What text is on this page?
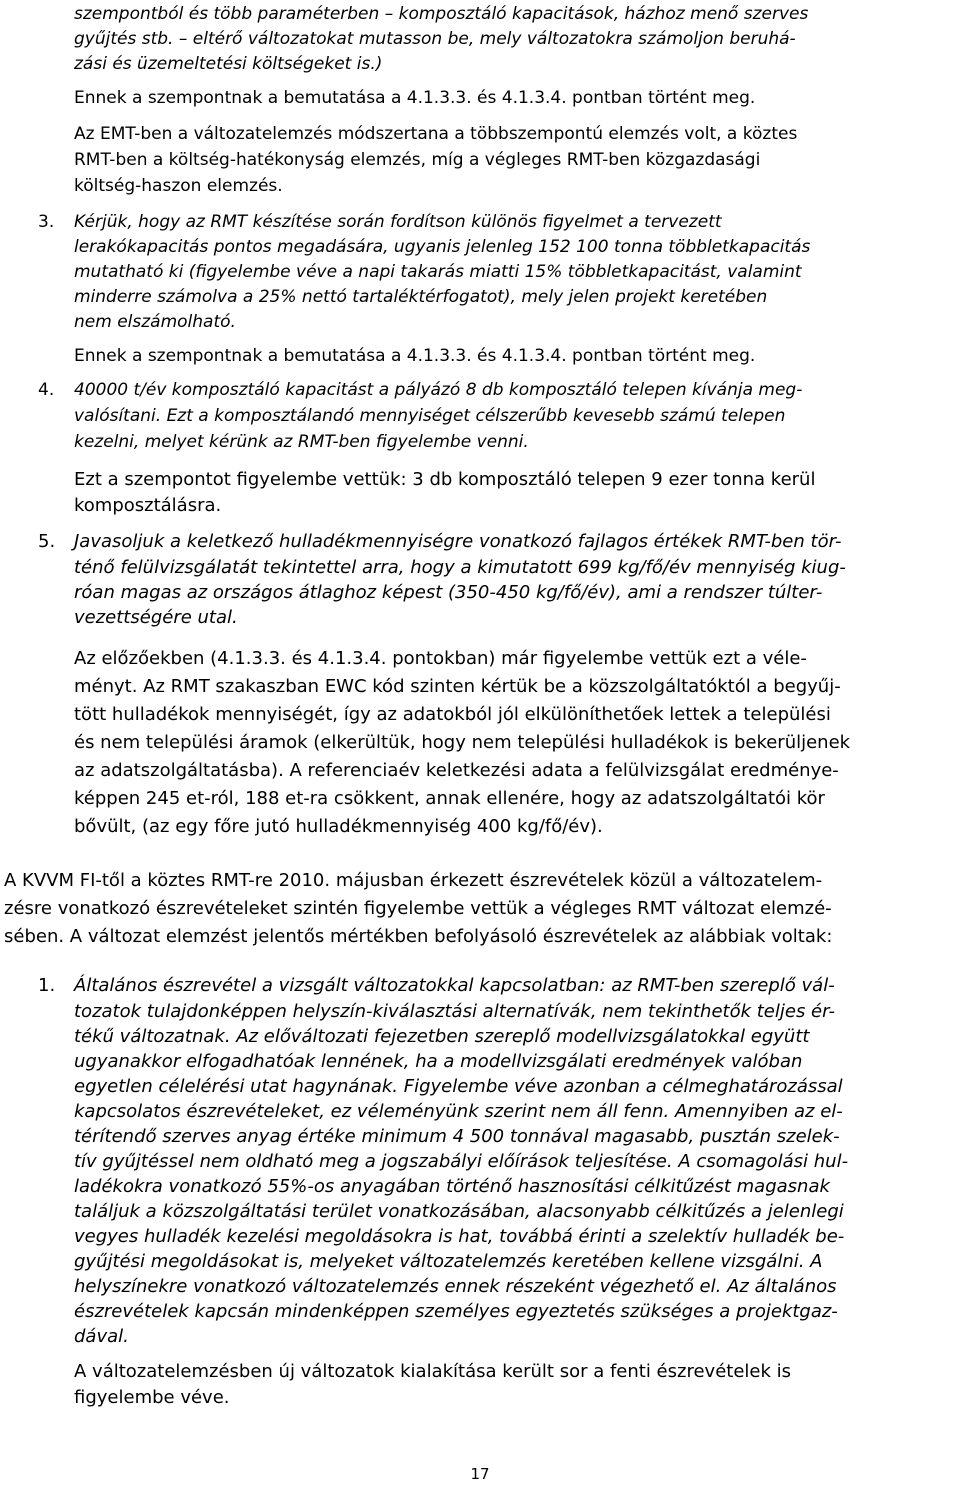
szempontból és több paraméterben – komposztáló kapacitások, házhoz menő szerves
gyűjtés stb. – eltérő változatokat mutasson be, mely változatokra számoljon beruhá-
zási és üzemeltetési költségeket is.)
Ennek a szempontnak a bemutatása a 4.1.3.3. és 4.1.3.4. pontban történt meg.
Az EMT-ben a változatelemzés módszertana a többszempontú elemzés volt, a köztes
RMT-ben a költség-hatékonyság elemzés, míg a végleges RMT-ben közgazdasági
költség-haszon elemzés.
3. Kérjük, hogy az RMT készítése során fordítson különös figyelmet a tervezett
lerakókapacitás pontos megadására, ugyanis jelenleg 152 100 tonna többletkapacitás
mutatható ki (figyelembe véve a napi takarás miatti 15% többletkapacitást, valamint
minderre számolva a 25% nettó tartaléktérfogatot), mely jelen projekt keretében
nem elszámolható.
Ennek a szempontnak a bemutatása a 4.1.3.3. és 4.1.3.4. pontban történt meg.
4. 40000 t/év komposztáló kapacitást a pályázó 8 db komposztáló telepen kívánja meg-
valósítani. Ezt a komposztálandó mennyiséget célszerűbb kevesebb számú telepen
kezelni, melyet kérünk az RMT-ben figyelembe venni.
Ezt a szempontot figyelembe vettük: 3 db komposztáló telepen 9 ezer tonna kerül
komposztálásra.
5. Javasoljuk a keletkező hulladékmennyiségre vonatkozó fajlagos értékek RMT-ben tör-
ténő felülvizsgálatát tekintettel arra, hogy a kimutatott 699 kg/fő/év mennyiség kiug-
róan magas az országos átlaghoz képest (350-450 kg/fő/év), ami a rendszer túlter-
vezettségére utal.
Az előzőekben (4.1.3.3. és 4.1.3.4. pontokban) már figyelembe vettük ezt a véle-
ményt. Az RMT szakaszban EWC kód szinten kértük be a közszolgáltatóktól a begyűj-
tött hulladékok mennyiségét, így az adatokból jól elkülöníthetőek lettek a települési
és nem települési áramok (elkerültük, hogy nem települési hulladékok is bekerüljenek
az adatszolgáltatásba). A referenciaév keletkezési adata a felülvizsgálat eredménye-
képpen 245 et-ról, 188 et-ra csökkent, annak ellenére, hogy az adatszolgáltatói kör
bővült, (az egy főre jutó hulladékmennyiség 400 kg/fő/év).
A KVVM FI-től a köztes RMT-re 2010. májusban érkezett észrevételek közül a változatelem-
zésre vonatkozó észrevételeket szintén figyelembe vettük a végleges RMT változat elemzé-
sében. A változat elemzést jelentős mértékben befolyásoló észrevételek az alábbiak voltak:
1. Általános észrevétel a vizsgált változatokkal kapcsolatban: az RMT-ben szereplő vál-
tozatok tulajdonképpen helyszín-kiválasztási alternatívák, nem tekinthetők teljes ér-
tékű változatnak. Az előváltozati fejezetben szereplő modellvizsgálatokkal együtt
ugyanakkor elfogadhatóak lennének, ha a modellvizsgálati eredmények valóban
egyetlen célelérési utat hagynának. Figyelembe véve azonban a célmeghatározással
kapcsolatos észrevételeket, ez véleményünk szerint nem áll fenn. Amennyiben az el-
térítendő szerves anyag értéke minimum 4 500 tonnával magasabb, pusztán szelek-
tív gyűjtéssel nem oldható meg a jogszabályi előírások teljesítése. A csomagolási hul-
ladékokra vonatkozó 55%-os anyagában történő hasznosítási célkitűzést magasnak
találjuk a közszolgáltatási terület vonatkozásában, alacsonyabb célkitűzés a jelenlegi
vegyes hulladék kezelési megoldásokra is hat, továbbá érinti a szelektív hulladék be-
gyűjtési megoldásokat is, melyeket változatelemzés keretében kellene vizsgálni. A
helyszínekre vonatkozó változatelemzés ennek részeként végezhető el. Az általános
észrevételek kapcsán mindenképpen személyes egyeztetés szükséges a projektgaz-
dával.
A változatelemzésben új változatok kialakítása került sor a fenti észrevételek is
figyelembe véve.
17
